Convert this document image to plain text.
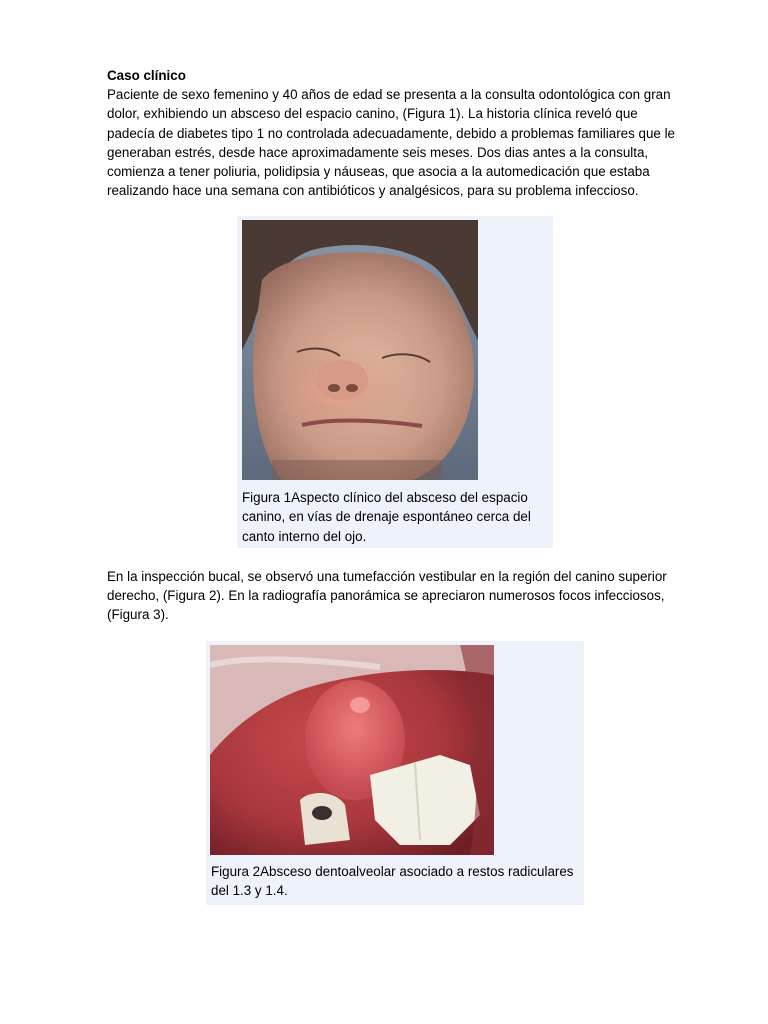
Caso clínico
Paciente de sexo femenino y 40 años de edad se presenta a la consulta odontológica con gran dolor, exhibiendo un absceso del espacio canino, (Figura 1). La historia clínica reveló que padecía de diabetes tipo 1 no controlada adecuadamente, debido a problemas familiares que le generaban estrés, desde hace aproximadamente seis meses. Dos dias antes a la consulta, comienza a tener poliuria, polidipsia y náuseas, que asocia a la automedicación que estaba realizando hace una semana con antibióticos y analgésicos, para su problema infeccioso.
Figura 1Aspecto clínico del absceso del espacio canino, en vías de drenaje espontáneo cerca del canto interno del ojo.
En la inspección bucal, se observó una tumefacción vestibular en la región del canino superior derecho, (Figura 2). En la radiografía panorámica se apreciaron numerosos focos infecciosos, (Figura 3).
Figura 2Absceso dentoalveolar asociado a restos radiculares del 1.3 y 1.4.
